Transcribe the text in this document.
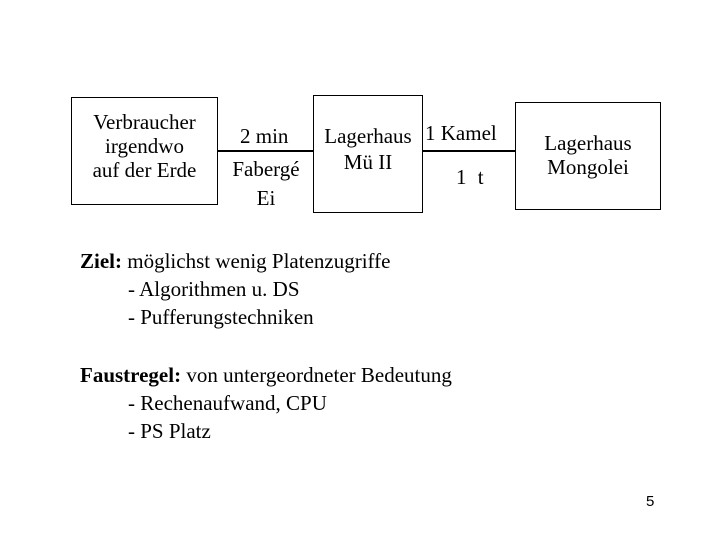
Verbraucher
irgendwo
auf der Erde
Lagerhaus
Mü II
Lagerhaus
Mongolei
2 min
Fabergé
Ei
1 Kamel
1 t
Ziel: möglichst wenig Platenzugriffe
- Algorithmen u. DS
- Pufferungstechniken
Faustregel: von untergeordneter Bedeutung
- Rechenaufwand, CPU
- PS Platz
5
